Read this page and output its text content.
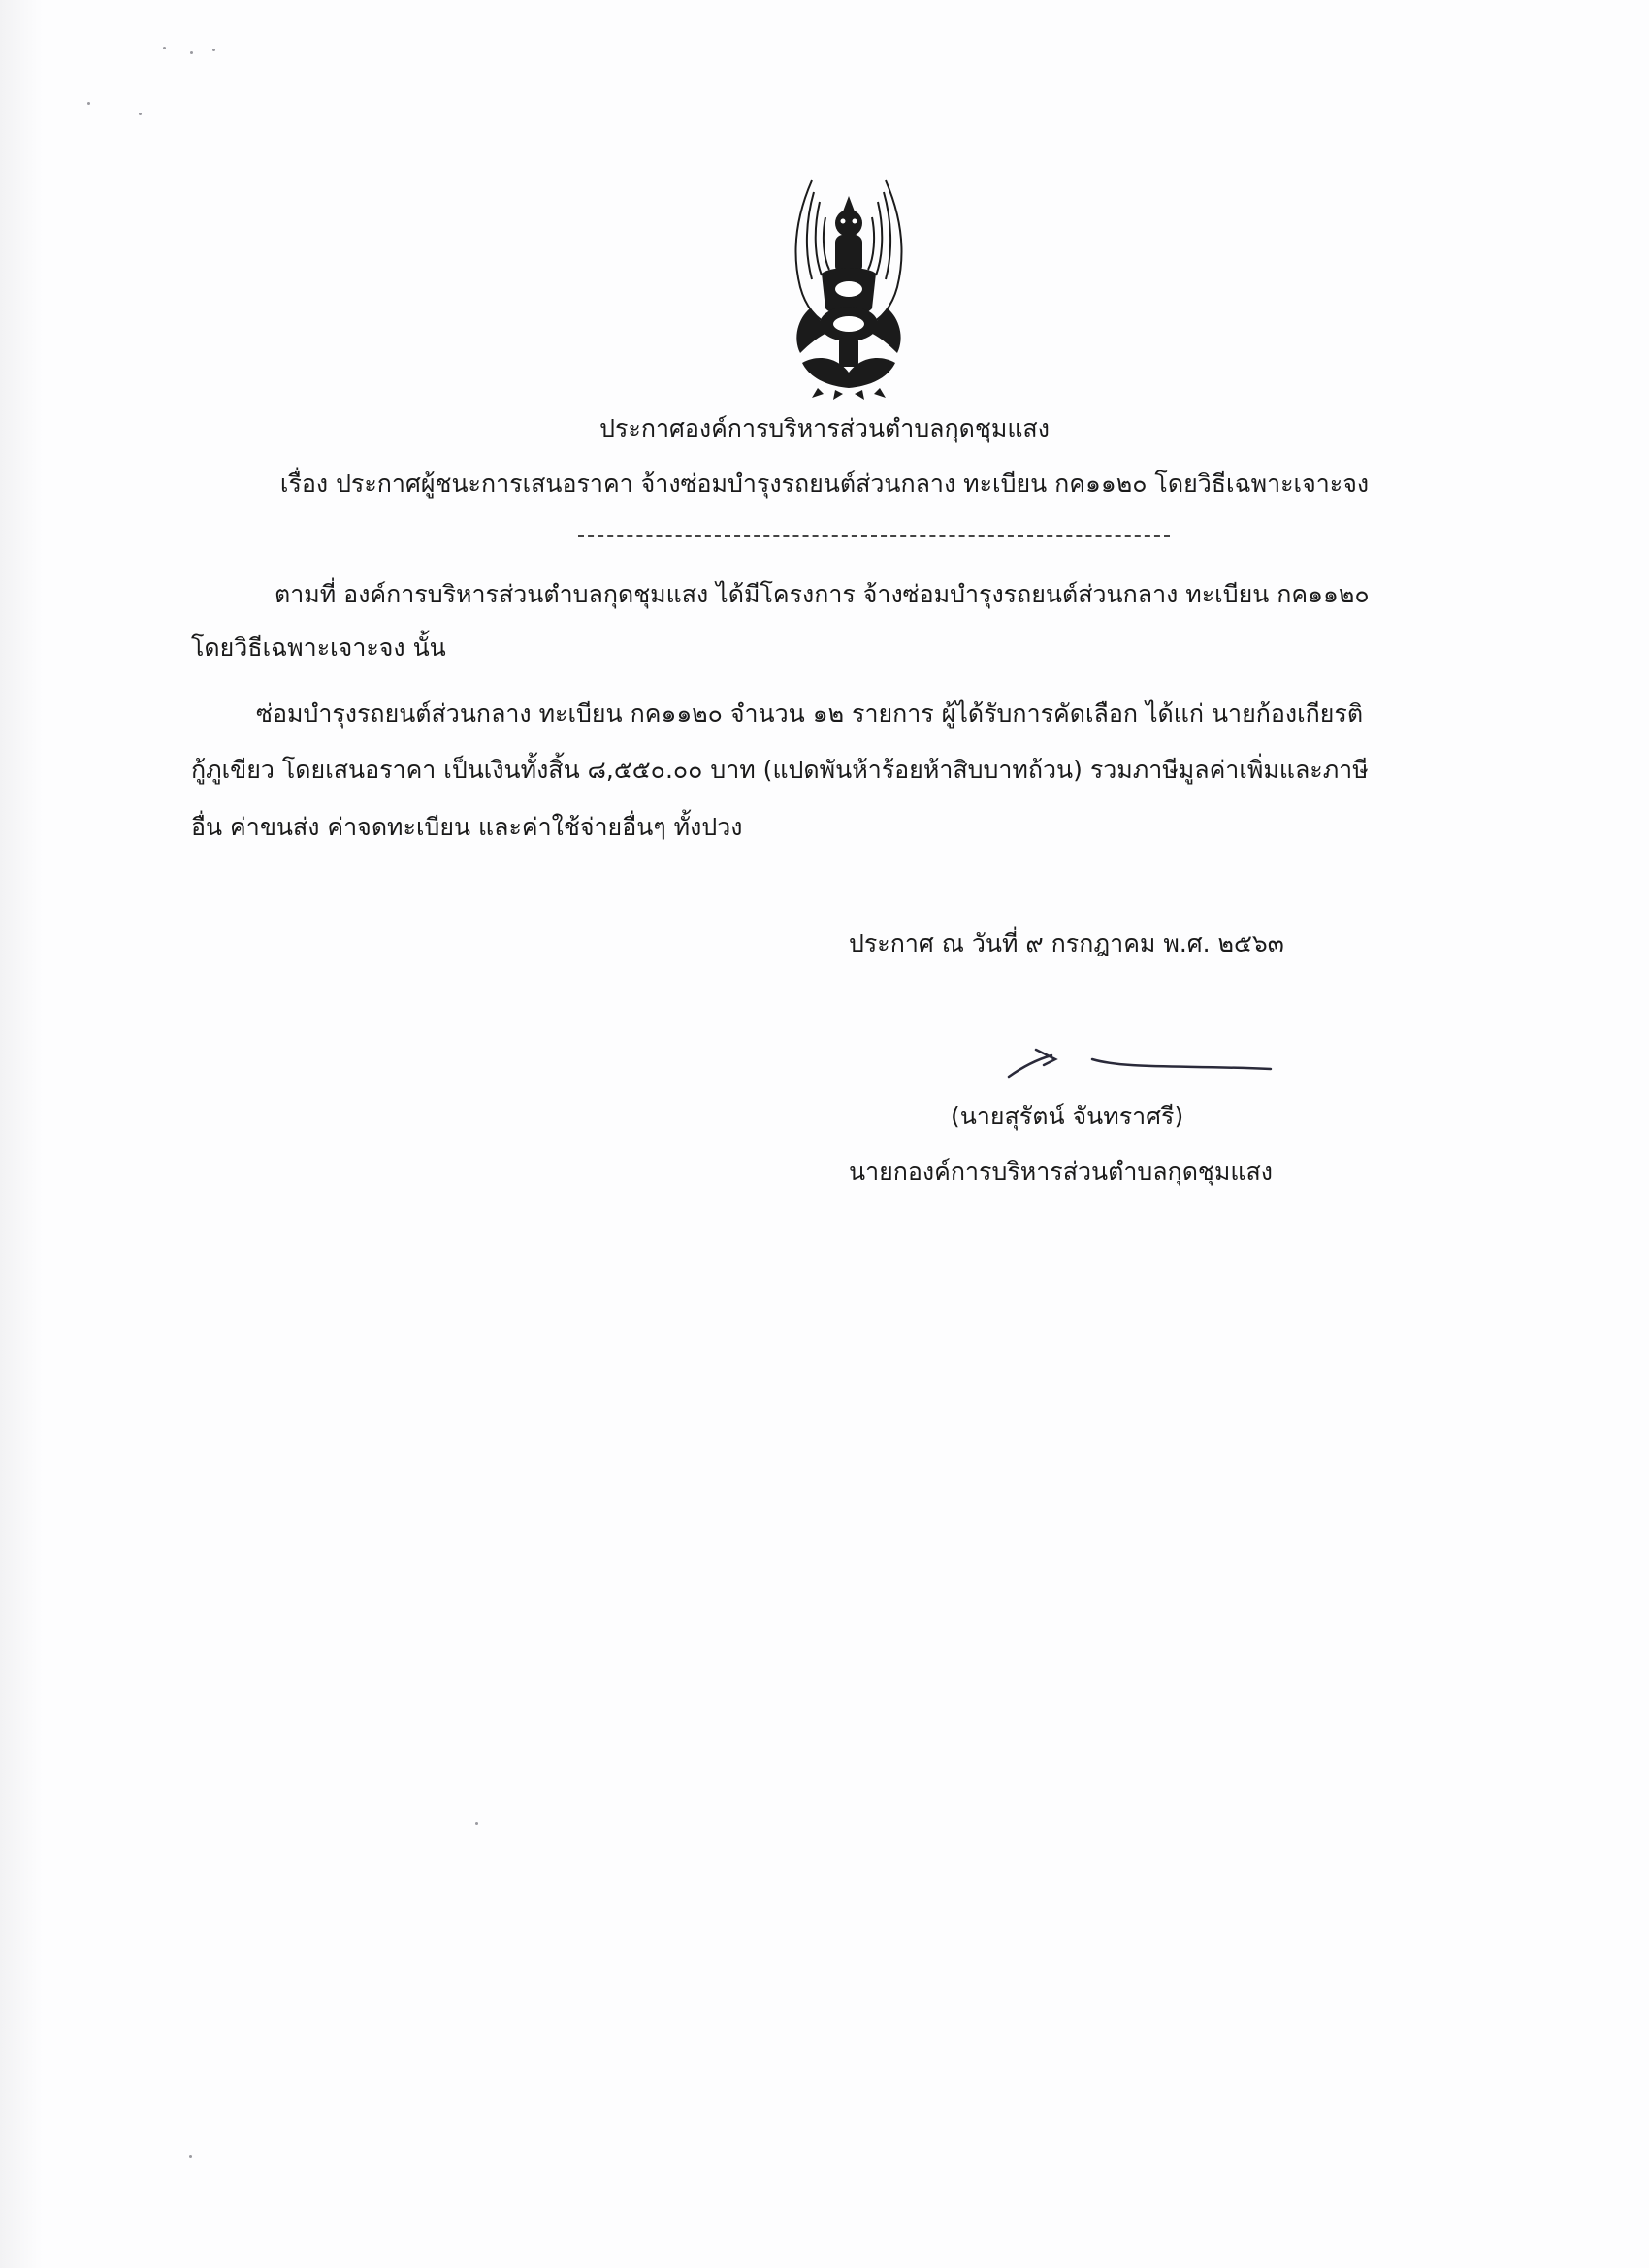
ประกาศองค์การบริหารส่วนตำบลกุดชุมแสง
เรื่อง ประกาศผู้ชนะการเสนอราคา จ้างซ่อมบำรุงรถยนต์ส่วนกลาง ทะเบียน กค๑๑๒๐ โดยวิธีเฉพาะเจาะจง
ตามที่ องค์การบริหารส่วนตำบลกุดชุมแสง ได้มีโครงการ จ้างซ่อมบำรุงรถยนต์ส่วนกลาง ทะเบียน กค๑๑๒๐
โดยวิธีเฉพาะเจาะจง นั้น
ซ่อมบำรุงรถยนต์ส่วนกลาง ทะเบียน กค๑๑๒๐ จำนวน ๑๒ รายการ ผู้ได้รับการคัดเลือก ได้แก่ นายก้องเกียรติ
กู้ภูเขียว โดยเสนอราคา เป็นเงินทั้งสิ้น ๘,๕๕๐.๐๐ บาท (แปดพันห้าร้อยห้าสิบบาทถ้วน) รวมภาษีมูลค่าเพิ่มและภาษี
อื่น ค่าขนส่ง ค่าจดทะเบียน และค่าใช้จ่ายอื่นๆ ทั้งปวง
ประกาศ ณ วันที่ ๙ กรกฎาคม พ.ศ. ๒๕๖๓
(นายสุรัตน์ จันทราศรี)
นายกองค์การบริหารส่วนตำบลกุดชุมแสง
